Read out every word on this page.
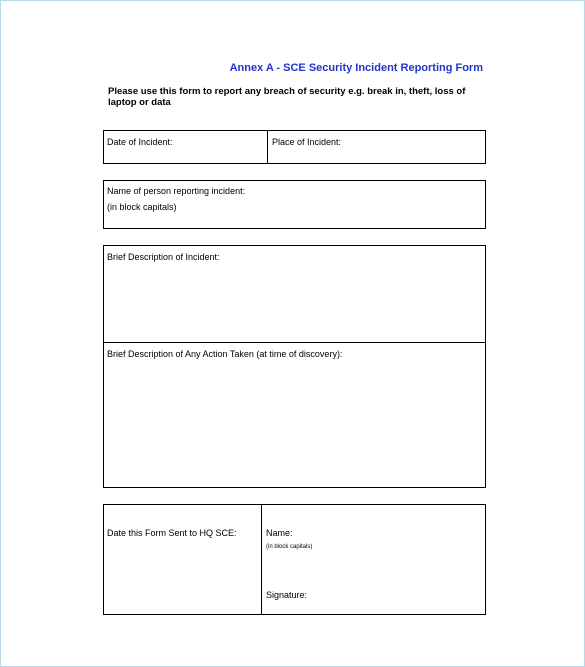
Annex A - SCE Security Incident Reporting Form
Please use this form to report any breach of security e.g. break in, theft, loss of laptop or data
Date of Incident:	Place of Incident:
Name of person reporting incident:
(in block capitals)
Brief Description of Incident:
Brief Description of Any Action Taken (at time of discovery):
Date this Form Sent to HQ SCE:	Name:
(in block capitals)
Signature:
